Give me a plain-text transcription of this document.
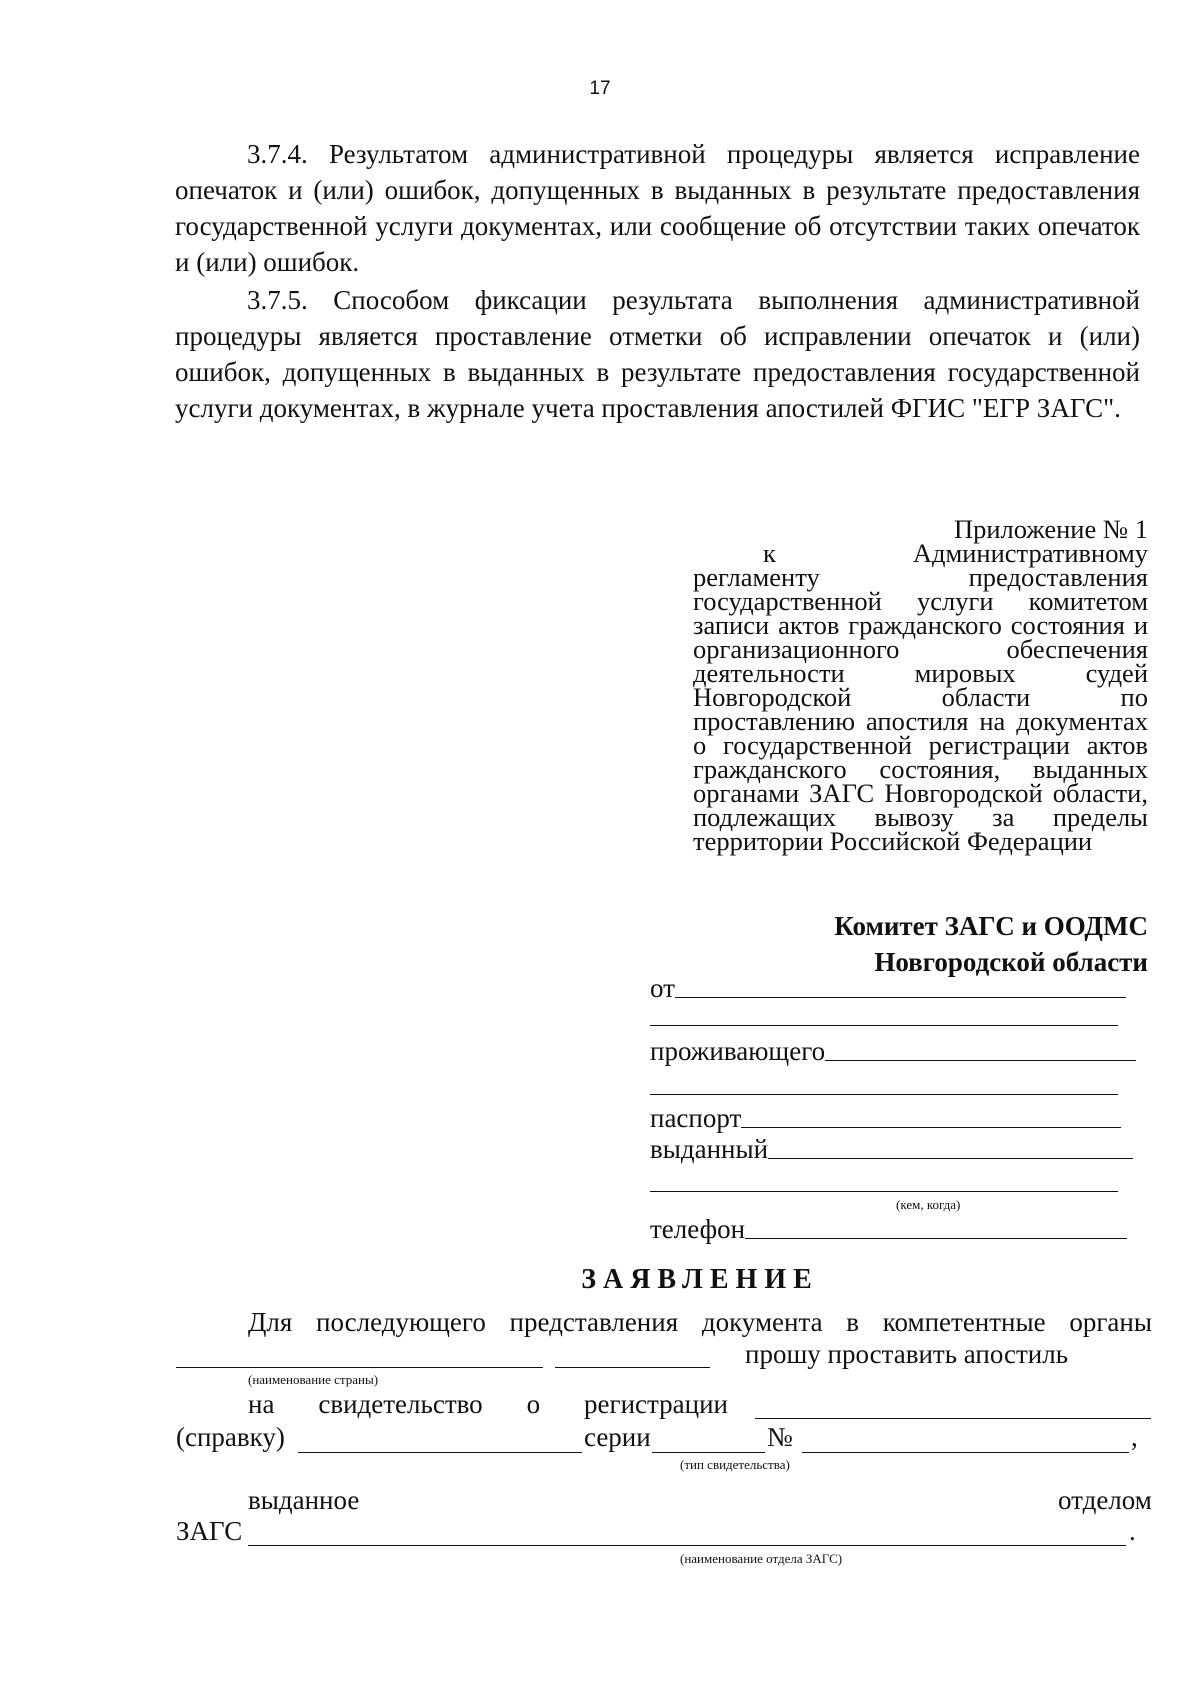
17
3.7.4. Результатом административной процедуры является исправление опечаток и (или) ошибок, допущенных в выданных в результате предоставления государственной услуги документах, или сообщение об отсутствии таких опечаток и (или) ошибок.
3.7.5. Способом фиксации результата выполнения административной процедуры является проставление отметки об исправлении опечаток и (или) ошибок, допущенных в выданных в результате предоставления государственной услуги документах, в журнале учета проставления апостилей ФГИС "ЕГР ЗАГС".
Приложение № 1
к	Административному
регламенту предоставления государственной услуги комитетом записи актов гражданского состояния и организационного обеспечения деятельности мировых судей Новгородской области по проставлению апостиля на документах о государственной регистрации актов гражданского состояния, выданных органами ЗАГС Новгородской области, подлежащих вывозу за пределы территории Российской Федерации
Комитет ЗАГС и ООДМС
Новгородской области
от
проживающего
паспорт
выданный
(кем, когда)
телефон
ЗАЯВЛЕНИЕ
Для последующего представления документа в компетентные органы
прошу проставить апостиль
(наименование страны)
на свидетельство о регистрации
(справку)	серии	№	,
(тип свидетельства)
выданное	отделом
ЗАГС	.
(наименование отдела ЗАГС)
